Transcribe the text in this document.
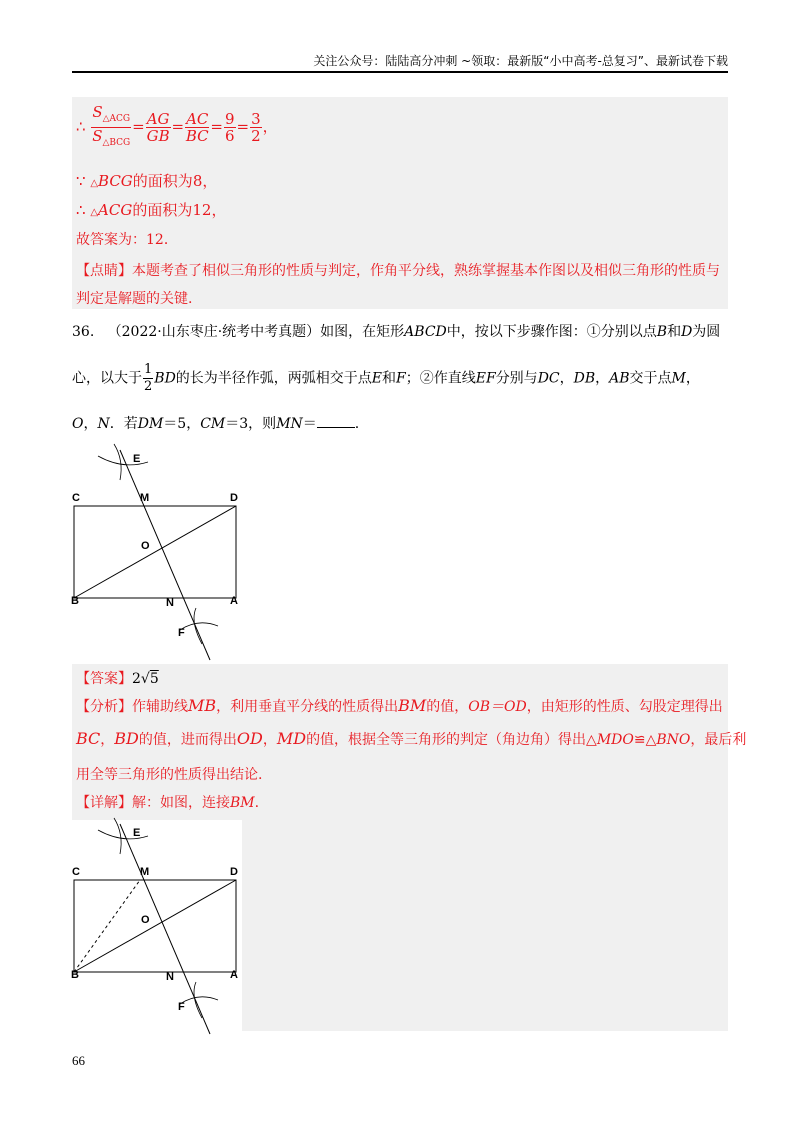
关注公众号：陆陆高分冲刺 ~领取：最新版“小中高考-总复习”、最新试卷下载
∴ $\frac{S_{\triangle ACG}}{S_{\triangle BCG}} = \frac{AG}{GB} = \frac{AC}{BC} = \frac{9}{6} = \frac{3}{2}$ ，
∵ △BCG的面积为8，
∴ △ACG的面积为12，
故答案为：12．
【点睛】本题考查了相似三角形的性质与判定，作角平分线，熟练掌握基本作图以及相似三角形的性质与
判定是解题的关键.
36. （2022·山东枣庄·统考中考真题）如图，在矩形ABCD中，按以下步骤作图：①分别以点B和D为圆
心，以大于 $\frac{1}{2}$ BD的长为半径作弧，两弧相交于点E和F；②作直线EF分别与DC，DB，AB交于点M，
O，N．若DM＝5，CM＝3，则MN＝	.
E
C	M	D
O
B	N	A
F
【答案】2√5
【分析】作辅助线MB，利用垂直平分线的性质得出BM的值，OB＝OD，由矩形的性质、勾股定理得出
BC，BD的值，进而得出OD，MD的值，根据全等三角形的判定（角边角）得出△MDO≌△BNO，最后利
用全等三角形的性质得出结论.
【详解】解：如图，连接BM.
E
C	M	D
O
B	N	A
F
66
